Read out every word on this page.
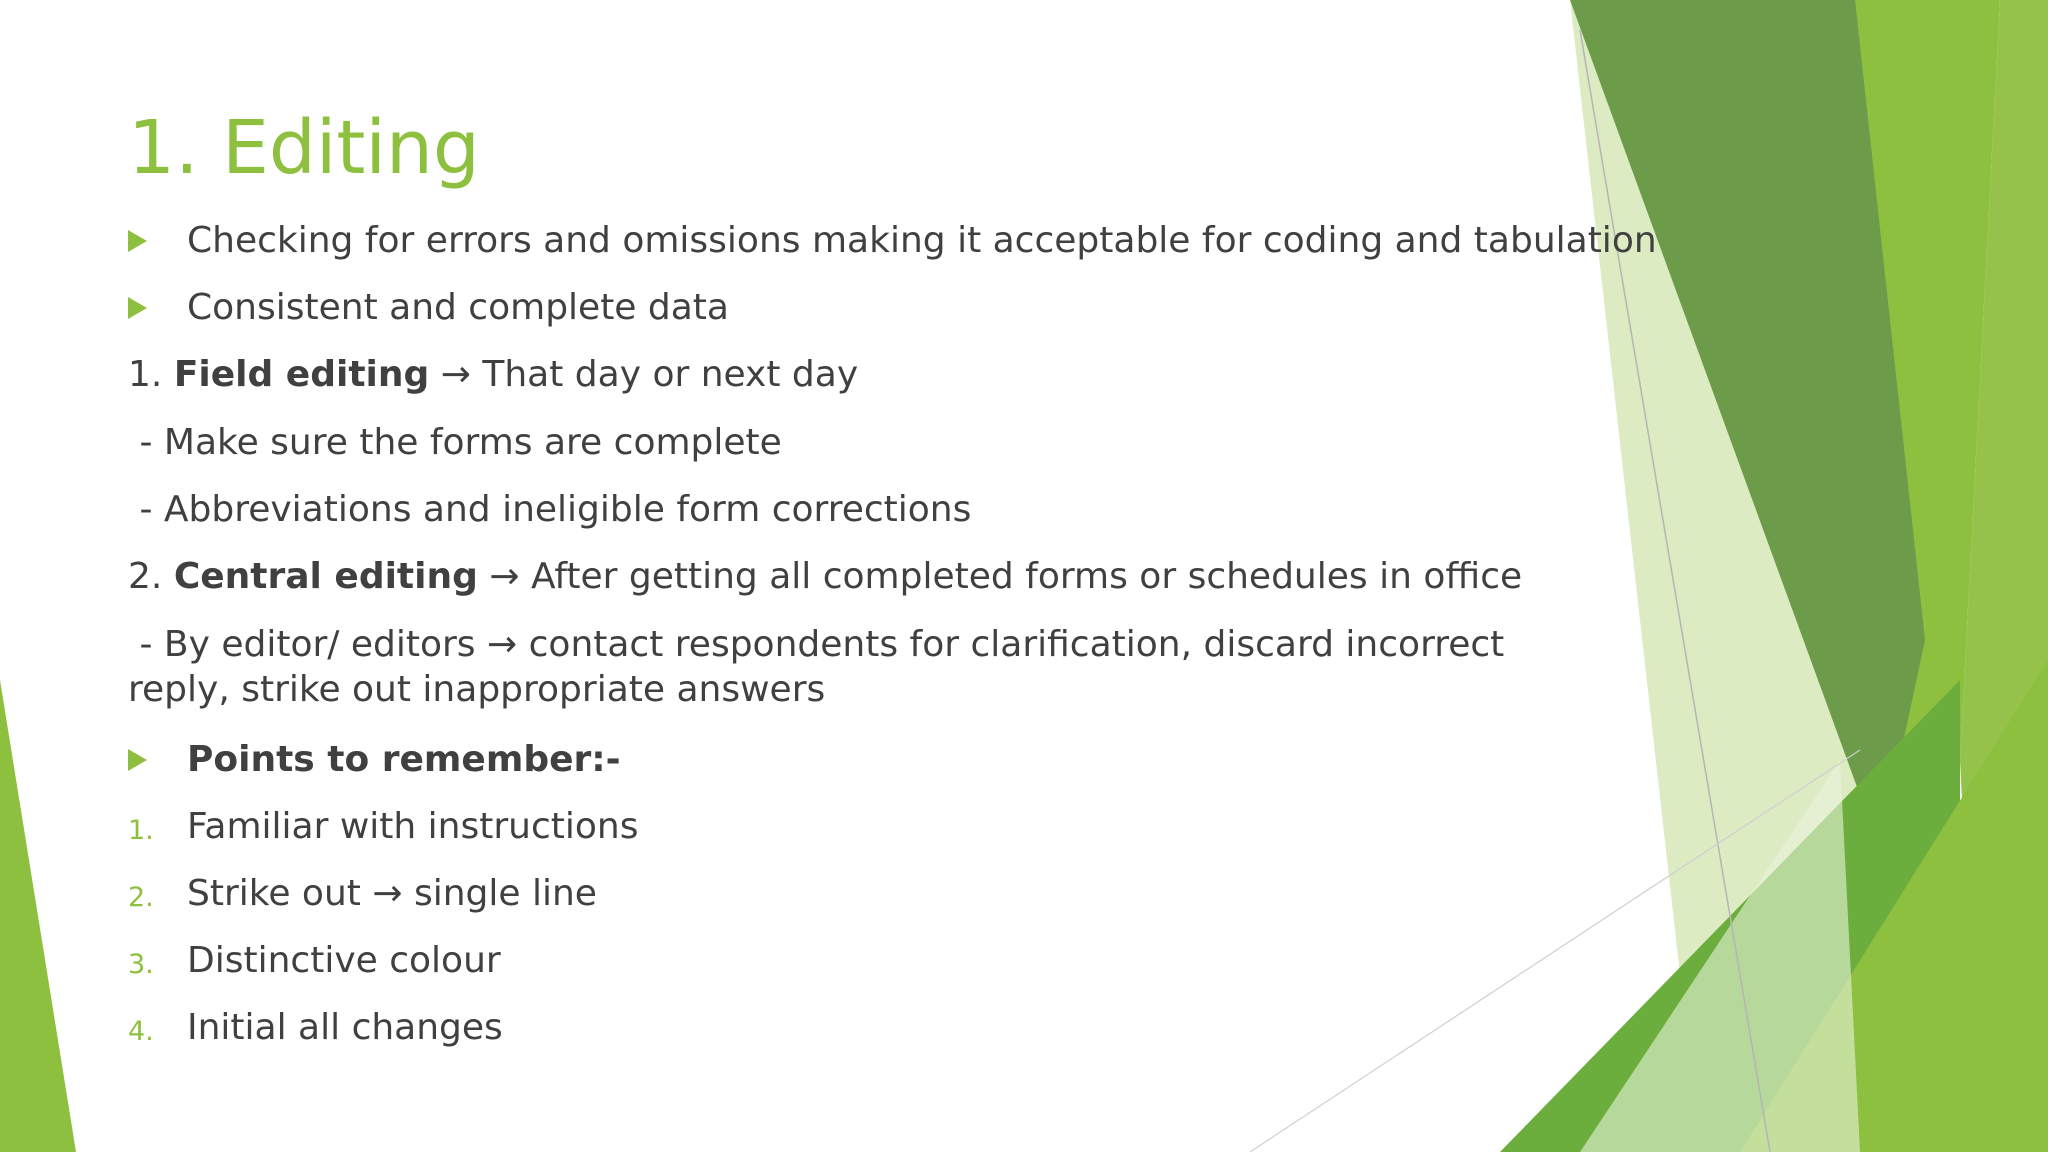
1. Editing
Checking for errors and omissions making it acceptable for coding and tabulation
Consistent and complete data
1. Field editing → That day or next day
- Make sure the forms are complete
- Abbreviations and ineligible form corrections
2. Central editing → After getting all completed forms or schedules in office
- By editor/ editors → contact respondents for clarification, discard incorrect reply, strike out inappropriate answers
Points to remember:-
1. Familiar with instructions
2. Strike out → single line
3. Distinctive colour
4. Initial all changes
